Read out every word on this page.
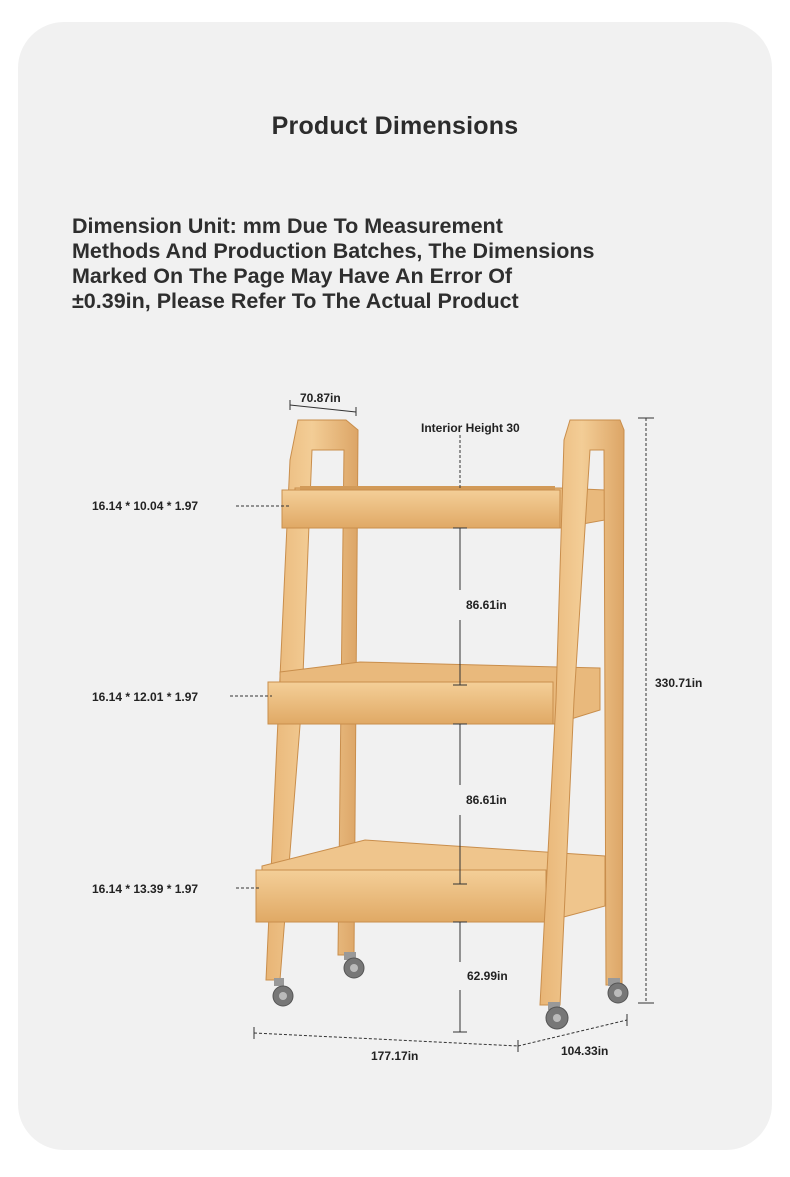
Product Dimensions
Dimension Unit: mm Due To Measurement
Methods And Production Batches, The Dimensions
Marked On The Page May Have An Error Of
±0.39in, Please Refer To The Actual Product
70.87in
Interior Height 30
16.14 * 10.04 * 1.97
16.14 * 12.01 * 1.97
16.14 * 13.39 * 1.97
86.61in
86.61in
62.99in
330.71in
177.17in	104.33in
